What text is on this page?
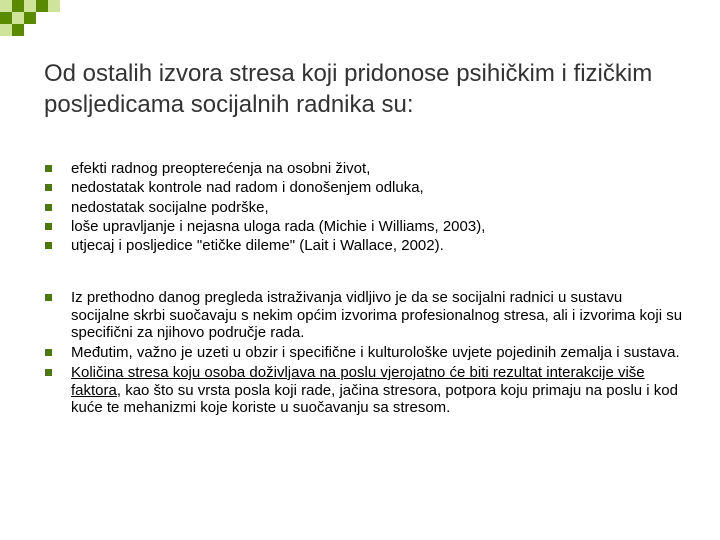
Od ostalih izvora stresa koji pridonose psihičkim i fizičkim posljedicama socijalnih radnika su:
efekti radnog preopterećenja na osobni život,
nedostatak kontrole nad radom i donošenjem odluka,
nedostatak socijalne podrške,
loše upravljanje i nejasna uloga rada (Michie i Williams, 2003),
utjecaj i posljedice "etičke dileme" (Lait i Wallace, 2002).
Iz prethodno danog pregleda istraživanja vidljivo je da se socijalni radnici u sustavu socijalne skrbi suočavaju s nekim općim izvorima profesionalnog stresa, ali i izvorima koji su specifični za njihovo područje rada.
Međutim, važno je uzeti u obzir i specifične i kulturološke uvjete pojedinih zemalja i sustava.
Količina stresa koju osoba doživljava na poslu vjerojatno će biti rezultat interakcije više faktora, kao što su vrsta posla koji rade, jačina stresora, potpora koju primaju na poslu i kod kuće te mehanizmi koje koriste u suočavanju sa stresom.
